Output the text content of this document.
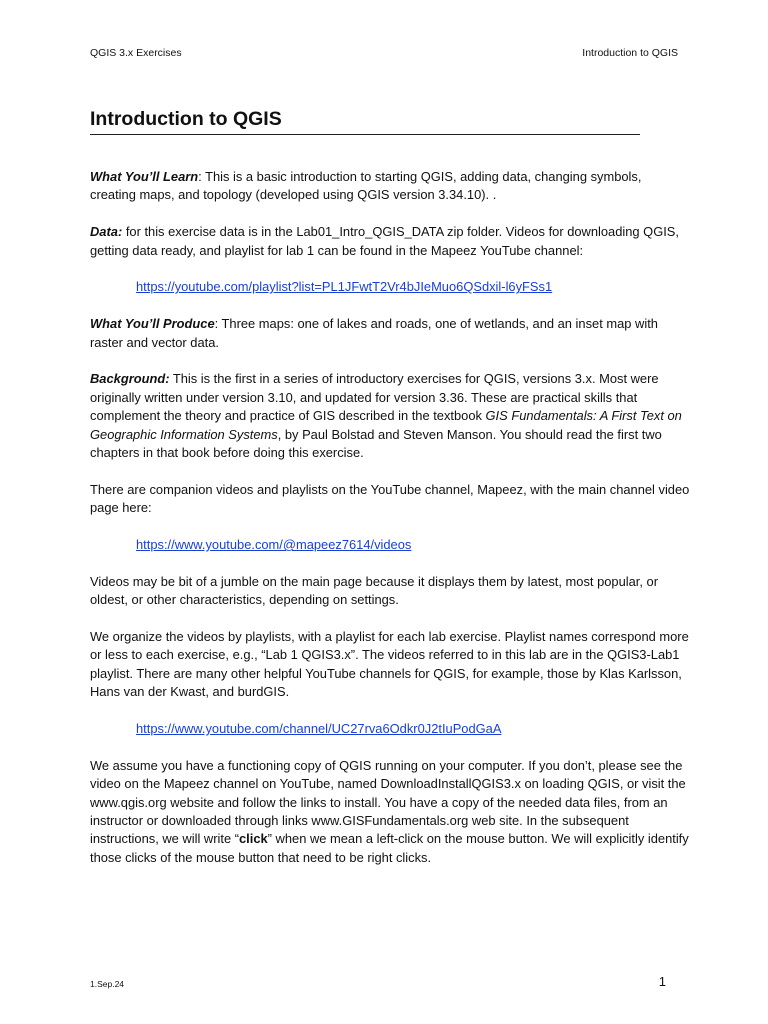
QGIS 3.x Exercises	Introduction to QGIS
Introduction to QGIS

What You’ll Learn: This is a basic introduction to starting QGIS, adding data, changing symbols, creating maps, and topology (developed using QGIS version 3.34.10). .

Data: for this exercise data is in the Lab01_Intro_QGIS_DATA zip folder. Videos for downloading QGIS, getting data ready, and playlist for lab 1 can be found in the Mapeez YouTube channel:

https://youtube.com/playlist?list=PL1JFwtT2Vr4bJIeMuo6QSdxil-l6yFSs1

What You’ll Produce: Three maps: one of lakes and roads, one of wetlands, and an inset map with raster and vector data.

Background: This is the first in a series of introductory exercises for QGIS, versions 3.x. Most were originally written under version 3.10, and updated for version 3.36. These are practical skills that complement the theory and practice of GIS described in the textbook GIS Fundamentals: A First Text on Geographic Information Systems, by Paul Bolstad and Steven Manson. You should read the first two chapters in that book before doing this exercise.

There are companion videos and playlists on the YouTube channel, Mapeez, with the main channel video page here:

https://www.youtube.com/@mapeez7614/videos

Videos may be bit of a jumble on the main page because it displays them by latest, most popular, or oldest, or other characteristics, depending on settings.

We organize the videos by playlists, with a playlist for each lab exercise. Playlist names correspond more or less to each exercise, e.g., “Lab 1 QGIS3.x”. The videos referred to in this lab are in the QGIS3-Lab1 playlist. There are many other helpful YouTube channels for QGIS, for example, those by Klas Karlsson, Hans van der Kwast, and burdGIS.

https://www.youtube.com/channel/UC27rva6Odkr0J2tIuPodGaA

We assume you have a functioning copy of QGIS running on your computer. If you don’t, please see the video on the Mapeez channel on YouTube, named DownloadInstallQGIS3.x on loading QGIS, or visit the www.qgis.org website and follow the links to install. You have a copy of the needed data files, from an instructor or downloaded through links www.GISFundamentals.org web site. In the subsequent instructions, we will write “click” when we mean a left-click on the mouse button. We will explicitly identify those clicks of the mouse button that need to be right clicks.

1.Sep.24	1
